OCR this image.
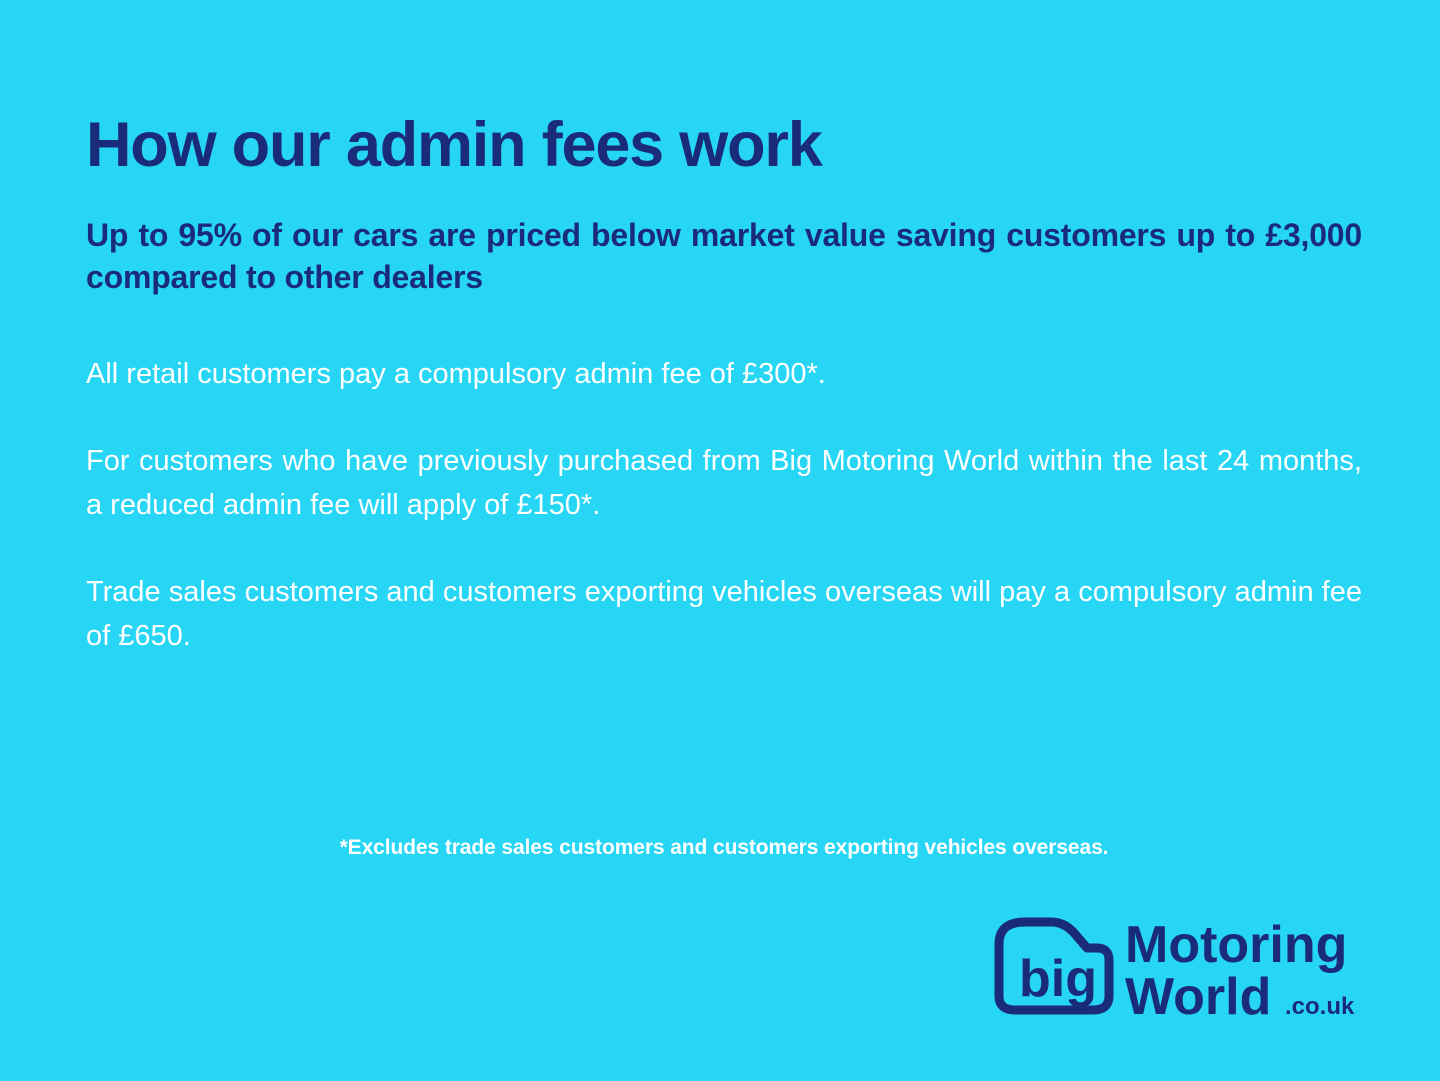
How our admin fees work

Up to 95% of our cars are priced below market value saving customers up to £3,000 compared to other dealers

All retail customers pay a compulsory admin fee of £300*.

For customers who have previously purchased from Big Motoring World within the last 24 months, a reduced admin fee will apply of £150*.

Trade sales customers and customers exporting vehicles overseas will pay a compulsory admin fee of £650.

*Excludes trade sales customers and customers exporting vehicles overseas.
big
Motoring
World .co.uk
